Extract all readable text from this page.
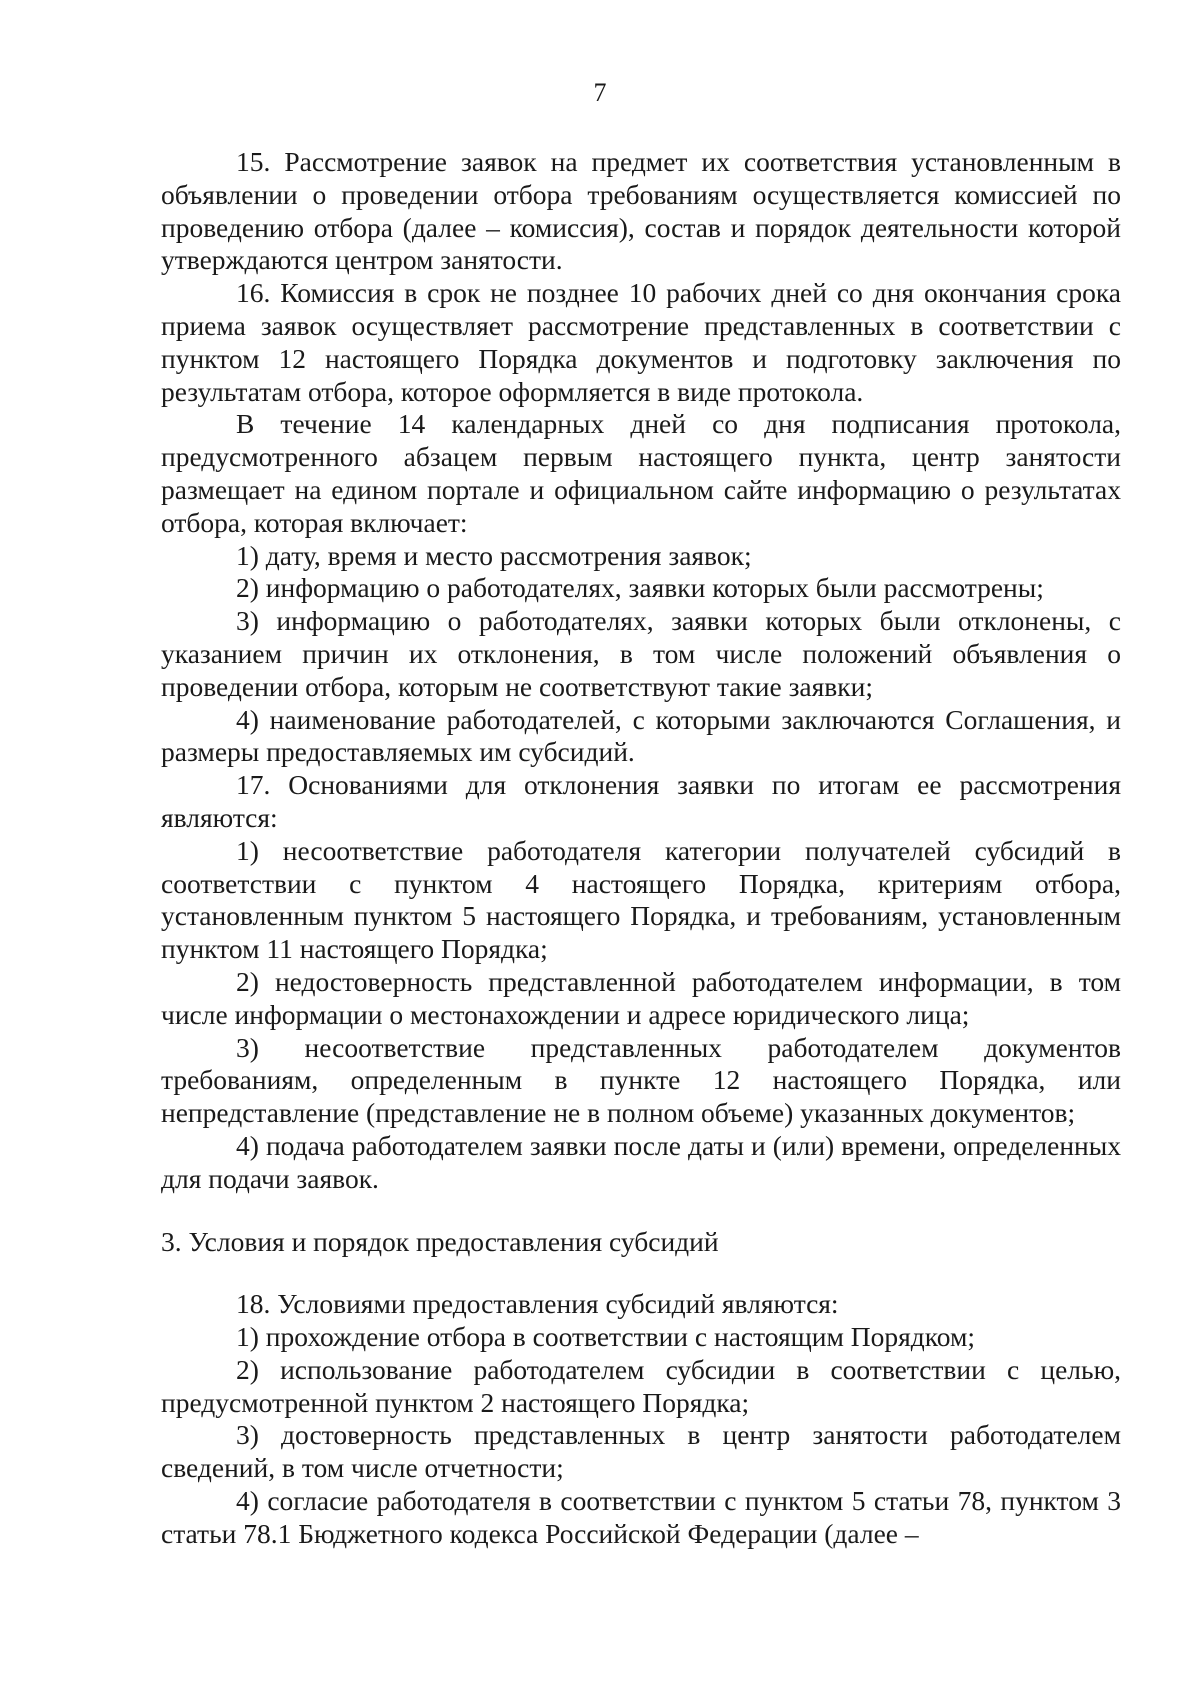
7

15. Рассмотрение заявок на предмет их соответствия установленным в объявлении о проведении отбора требованиям осуществляется комиссией по проведению отбора (далее – комиссия), состав и порядок деятельности которой утверждаются центром занятости.

16. Комиссия в срок не позднее 10 рабочих дней со дня окончания срока приема заявок осуществляет рассмотрение представленных в соответствии с пунктом 12 настоящего Порядка документов и подготовку заключения по результатам отбора, которое оформляется в виде протокола.

В течение 14 календарных дней со дня подписания протокола, предусмотренного абзацем первым настоящего пункта, центр занятости размещает на едином портале и официальном сайте информацию о результатах отбора, которая включает:

1) дату, время и место рассмотрения заявок;

2) информацию о работодателях, заявки которых были рассмотрены;

3) информацию о работодателях, заявки которых были отклонены, с указанием причин их отклонения, в том числе положений объявления о проведении отбора, которым не соответствуют такие заявки;

4) наименование работодателей, с которыми заключаются Соглашения, и размеры предоставляемых им субсидий.

17. Основаниями для отклонения заявки по итогам ее рассмотрения являются:

1) несоответствие работодателя категории получателей субсидий в соответствии с пунктом 4 настоящего Порядка, критериям отбора, установленным пунктом 5 настоящего Порядка, и требованиям, установленным пунктом 11 настоящего Порядка;

2) недостоверность представленной работодателем информации, в том числе информации о местонахождении и адресе юридического лица;

3) несоответствие представленных работодателем документов требованиям, определенным в пункте 12 настоящего Порядка, или непредставление (представление не в полном объеме) указанных документов;

4) подача работодателем заявки после даты и (или) времени, определенных для подачи заявок.

3. Условия и порядок предоставления субсидий

18. Условиями предоставления субсидий являются:

1) прохождение отбора в соответствии с настоящим Порядком;

2) использование работодателем субсидии в соответствии с целью, предусмотренной пунктом 2 настоящего Порядка;

3) достоверность представленных в центр занятости работодателем сведений, в том числе отчетности;

4) согласие работодателя в соответствии с пунктом 5 статьи 78, пунктом 3 статьи 78.1 Бюджетного кодекса Российской Федерации (далее –
